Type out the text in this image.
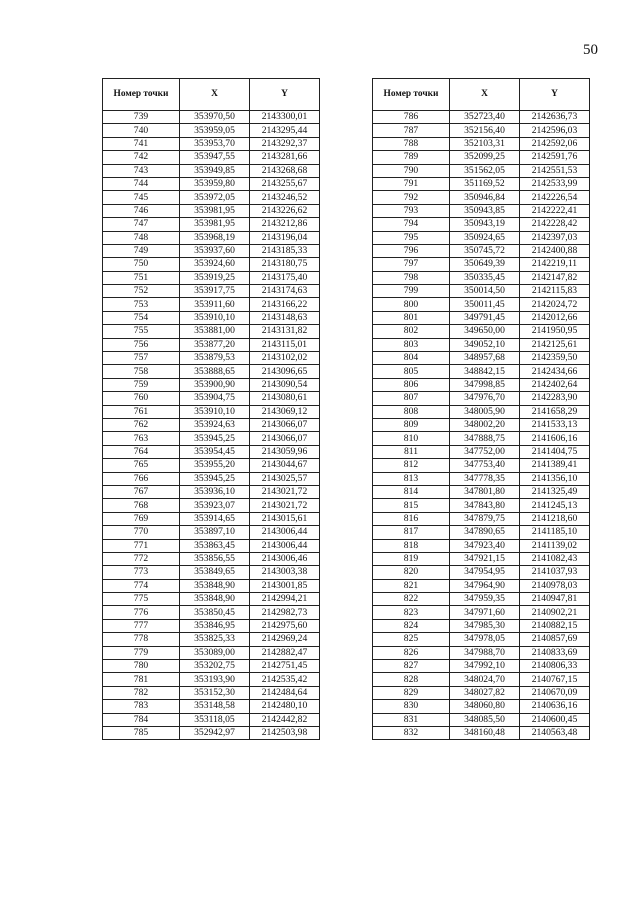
50
Номер точки	X	Y
739	353970,50	2143300,01
740	353959,05	2143295,44
741	353953,70	2143292,37
742	353947,55	2143281,66
743	353949,85	2143268,68
744	353959,80	2143255,67
745	353972,05	2143246,52
746	353981,95	2143226,62
747	353981,95	2143212,86
748	353968,19	2143196,04
749	353937,60	2143185,33
750	353924,60	2143180,75
751	353919,25	2143175,40
752	353917,75	2143174,63
753	353911,60	2143166,22
754	353910,10	2143148,63
755	353881,00	2143131,82
756	353877,20	2143115,01
757	353879,53	2143102,02
758	353888,65	2143096,65
759	353900,90	2143090,54
760	353904,75	2143080,61
761	353910,10	2143069,12
762	353924,63	2143066,07
763	353945,25	2143066,07
764	353954,45	2143059,96
765	353955,20	2143044,67
766	353945,25	2143025,57
767	353936,10	2143021,72
768	353923,07	2143021,72
769	353914,65	2143015,61
770	353897,10	2143006,44
771	353863,45	2143006,44
772	353856,55	2143006,46
773	353849,65	2143003,38
774	353848,90	2143001,85
775	353848,90	2142994,21
776	353850,45	2142982,73
777	353846,95	2142975,60
778	353825,33	2142969,24
779	353089,00	2142882,47
780	353202,75	2142751,45
781	353193,90	2142535,42
782	353152,30	2142484,64
783	353148,58	2142480,10
784	353118,05	2142442,82
785	352942,97	2142503,98
Номер точки	X	Y
786	352723,40	2142636,73
787	352156,40	2142596,03
788	352103,31	2142592,06
789	352099,25	2142591,76
790	351562,05	2142551,53
791	351169,52	2142533,99
792	350946,84	2142226,54
793	350943,85	2142222,41
794	350943,19	2142228,42
795	350924,65	2142397,03
796	350745,72	2142400,88
797	350649,39	2142219,11
798	350335,45	2142147,82
799	350014,50	2142115,83
800	350011,45	2142024,72
801	349791,45	2142012,66
802	349650,00	2141950,95
803	349052,10	2142125,61
804	348957,68	2142359,50
805	348842,15	2142434,66
806	347998,85	2142402,64
807	347976,70	2142283,90
808	348005,90	2141658,29
809	348002,20	2141533,13
810	347888,75	2141606,16
811	347752,00	2141404,75
812	347753,40	2141389,41
813	347778,35	2141356,10
814	347801,80	2141325,49
815	347843,80	2141245,13
816	347879,75	2141218,60
817	347890,65	2141185,10
818	347923,40	2141139,02
819	347921,15	2141082,43
820	347954,95	2141037,93
821	347964,90	2140978,03
822	347959,35	2140947,81
823	347971,60	2140902,21
824	347985,30	2140882,15
825	347978,05	2140857,69
826	347988,70	2140833,69
827	347992,10	2140806,33
828	348024,70	2140767,15
829	348027,82	2140670,09
830	348060,80	2140636,16
831	348085,50	2140600,45
832	348160,48	2140563,48
